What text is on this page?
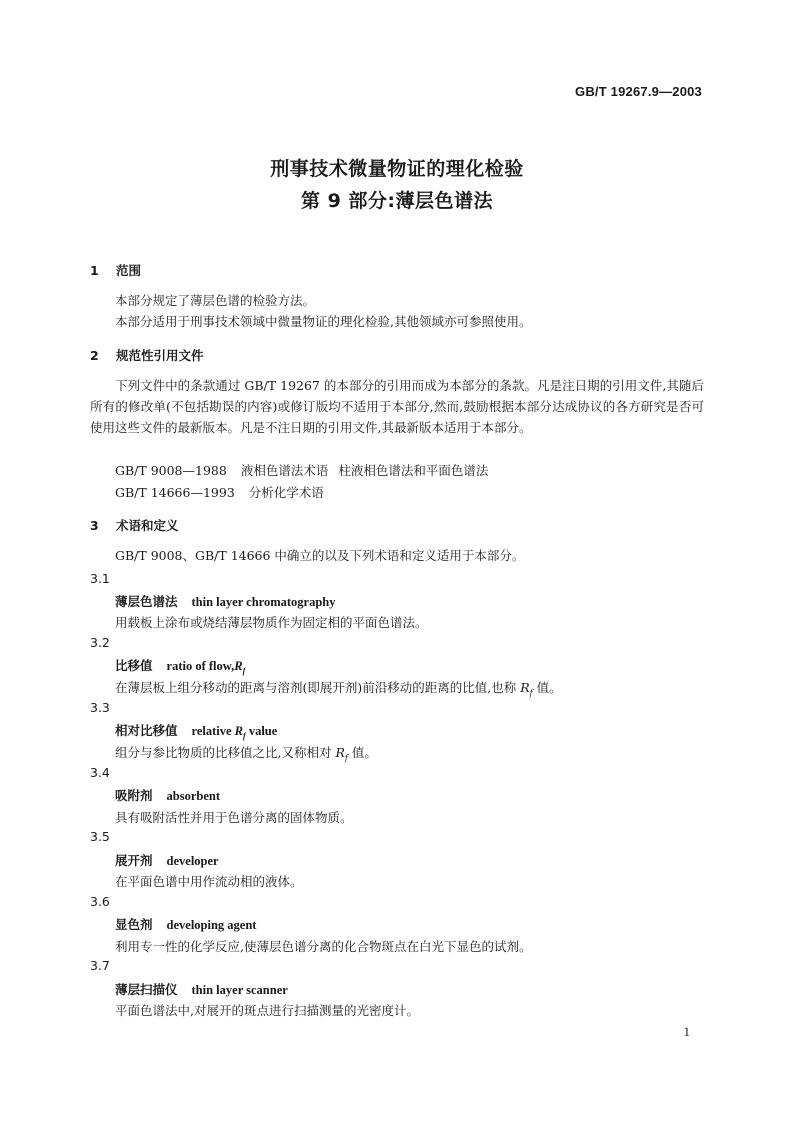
GB/T 19267.9—2003
刑事技术微量物证的理化检验
第 9 部分:薄层色谱法
1 范围
本部分规定了薄层色谱的检验方法。
本部分适用于刑事技术领域中微量物证的理化检验,其他领域亦可参照使用。
2 规范性引用文件
下列文件中的条款通过 GB/T 19267 的本部分的引用而成为本部分的条款。凡是注日期的引用文件,其随后所有的修改单(不包括勘误的内容)或修订版均不适用于本部分,然而,鼓励根据本部分达成协议的各方研究是否可使用这些文件的最新版本。凡是不注日期的引用文件,其最新版本适用于本部分。
GB/T 9008—1988 液相色谱法术语 柱液相色谱法和平面色谱法
GB/T 14666—1993 分析化学术语
3 术语和定义
GB/T 9008、GB/T 14666 中确立的以及下列术语和定义适用于本部分。
3.1
薄层色谱法 thin layer chromatography
用载板上涂布或烧结薄层物质作为固定相的平面色谱法。
3.2
比移值 ratio of $flow,R_f$
在薄层板上组分移动的距离与溶剂(即展开剂)前沿移动的距离的比值,也称 $R_f$ 值。
3.3
相对比移值 relative $R_f$ value
组分与参比物质的比移值之比,又称相对 $R_f$ 值。
3.4
吸附剂 absorbent
具有吸附活性并用于色谱分离的固体物质。
3.5
展开剂 developer
在平面色谱中用作流动相的液体。
3.6
显色剂 developing agent
利用专一性的化学反应,使薄层色谱分离的化合物斑点在白光下显色的试剂。
3.7
薄层扫描仪 thin layer scanner
平面色谱法中,对展开的斑点进行扫描测量的光密度计。
1
